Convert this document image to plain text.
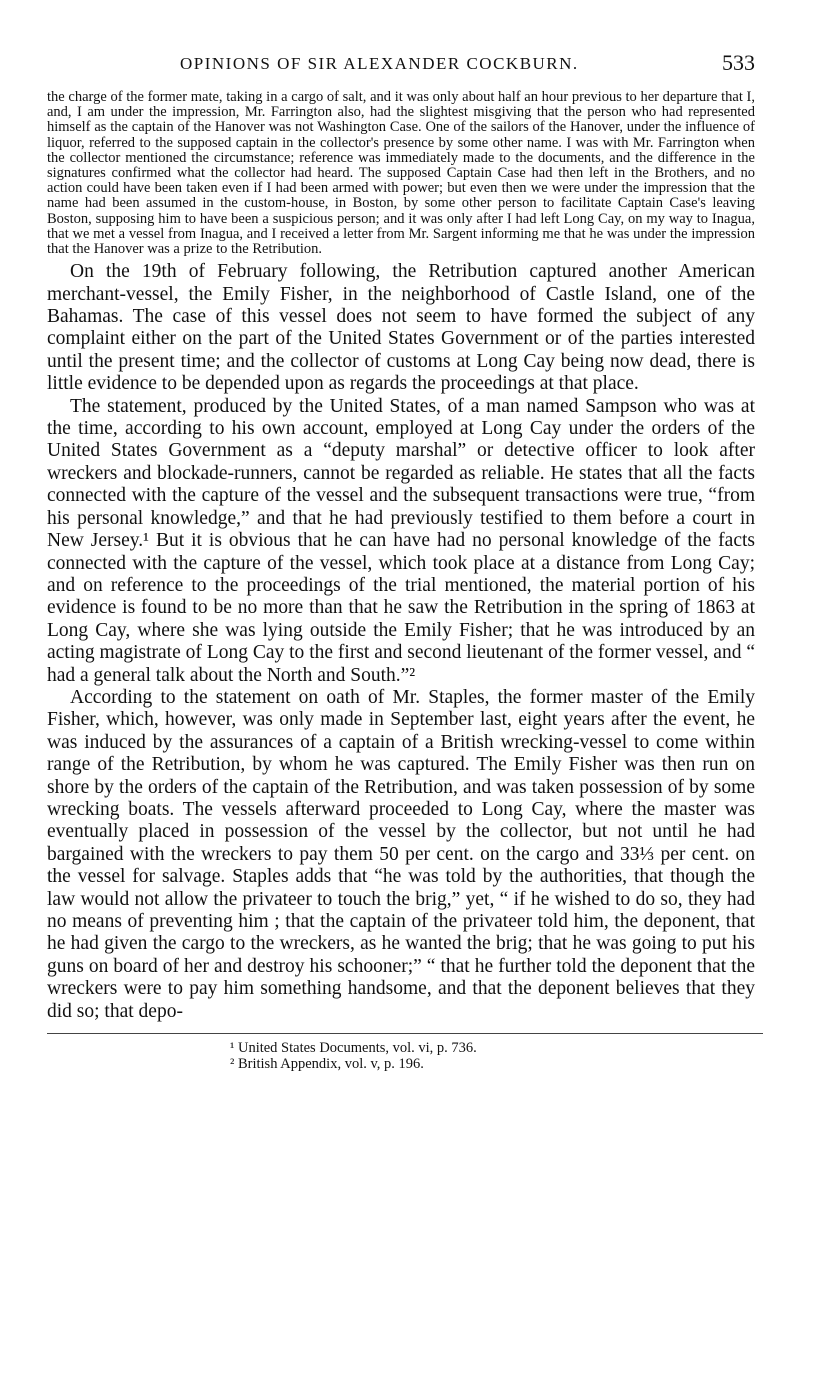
OPINIONS OF SIR ALEXANDER COCKBURN.	533

the charge of the former mate, taking in a cargo of salt, and it was only about half an hour previous to her departure that I, and, I am under the impression, Mr. Farrington also, had the slightest misgiving that the person who had represented himself as the captain of the Hanover was not Washington Case. One of the sailors of the Hanover, under the influence of liquor, referred to the supposed captain in the collector's presence by some other name. I was with Mr. Farrington when the collector mentioned the circumstance; reference was immediately made to the documents, and the difference in the signatures confirmed what the collector had heard. The supposed Captain Case had then left in the Brothers, and no action could have been taken even if I had been armed with power; but even then we were under the impression that the name had been assumed in the custom-house, in Boston, by some other person to facilitate Captain Case's leaving Boston, supposing him to have been a suspicious person; and it was only after I had left Long Cay, on my way to Inagua, that we met a vessel from Inagua, and I received a letter from Mr. Sargent informing me that he was under the impression that the Hanover was a prize to the Retribution.

On the 19th of February following, the Retribution captured another American merchant-vessel, the Emily Fisher, in the neighborhood of Castle Island, one of the Bahamas. The case of this vessel does not seem to have formed the subject of any complaint either on the part of the United States Government or of the parties interested until the present time; and the collector of customs at Long Cay being now dead, there is little evidence to be depended upon as regards the proceedings at that place.

The statement, produced by the United States, of a man named Sampson who was at the time, according to his own account, employed at Long Cay under the orders of the United States Government as a “deputy marshal” or detective officer to look after wreckers and blockade-runners, cannot be regarded as reliable. He states that all the facts connected with the capture of the vessel and the subsequent transactions were true, “from his personal knowledge,” and that he had previously testified to them before a court in New Jersey.¹ But it is obvious that he can have had no personal knowledge of the facts connected with the capture of the vessel, which took place at a distance from Long Cay; and on reference to the proceedings of the trial mentioned, the material portion of his evidence is found to be no more than that he saw the Retribution in the spring of 1863 at Long Cay, where she was lying outside the Emily Fisher; that he was introduced by an acting magistrate of Long Cay to the first and second lieutenant of the former vessel, and “ had a general talk about the North and South.”²

According to the statement on oath of Mr. Staples, the former master of the Emily Fisher, which, however, was only made in September last, eight years after the event, he was induced by the assurances of a captain of a British wrecking-vessel to come within range of the Retribution, by whom he was captured. The Emily Fisher was then run on shore by the orders of the captain of the Retribution, and was taken possession of by some wrecking boats. The vessels afterward proceeded to Long Cay, where the master was eventually placed in possession of the vessel by the collector, but not until he had bargained with the wreckers to pay them 50 per cent. on the cargo and 33⅓ per cent. on the vessel for salvage. Staples adds that “he was told by the authorities, that though the law would not allow the privateer to touch the brig,” yet, “ if he wished to do so, they had no means of preventing him ; that the captain of the privateer told him, the deponent, that he had given the cargo to the wreckers, as he wanted the brig; that he was going to put his guns on board of her and destroy his schooner;” “ that he further told the deponent that the wreckers were to pay him something handsome, and that the deponent believes that they did so; that depo-

¹ United States Documents, vol. vi, p. 736.

² British Appendix, vol. v, p. 196.
